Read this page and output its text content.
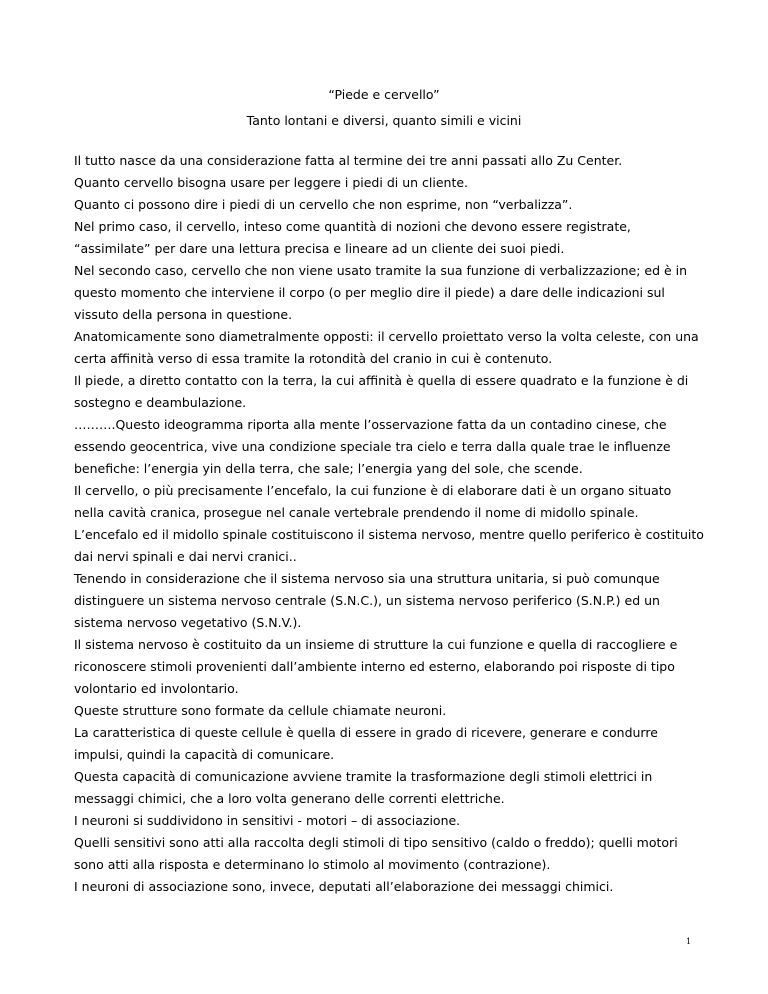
“Piede e cervello”
Tanto lontani e diversi, quanto simili e vicini

Il tutto nasce da una considerazione fatta al termine dei tre anni passati allo Zu Center.

Quanto cervello bisogna usare per leggere i piedi di un cliente.

Quanto ci possono dire i piedi di un cervello che non esprime, non “verbalizza”.

Nel primo caso, il cervello, inteso come quantità di nozioni che devono essere registrate, “assimilate” per dare una lettura precisa e lineare ad un cliente dei suoi piedi.

Nel secondo caso, cervello che non viene usato tramite la sua funzione di verbalizzazione; ed è in questo momento che interviene il corpo (o per meglio dire il piede) a dare delle indicazioni sul vissuto della persona in questione.

Anatomicamente sono diametralmente opposti: il cervello proiettato verso la volta celeste, con una certa affinità verso di essa tramite la rotondità del cranio in cui è contenuto.

Il piede, a diretto contatto con la terra, la cui affinità è quella di essere quadrato e la funzione è di sostegno e deambulazione.

……….Questo ideogramma riporta alla mente l’osservazione fatta da un contadino cinese, che essendo geocentrica, vive una condizione speciale tra cielo e terra dalla quale trae le influenze benefiche: l’energia yin della terra, che sale; l’energia yang del sole, che scende.

Il cervello, o più precisamente l’encefalo, la cui funzione è di elaborare dati è un organo situato nella cavità cranica, prosegue nel canale vertebrale prendendo il nome di midollo spinale.

L’encefalo ed il midollo spinale costituiscono il sistema nervoso, mentre quello periferico è costituito dai nervi spinali e dai nervi cranici..

Tenendo in considerazione che il sistema nervoso sia una struttura unitaria, si può comunque distinguere un sistema nervoso centrale (S.N.C.), un sistema nervoso periferico (S.N.P.) ed un sistema nervoso vegetativo (S.N.V.).

Il sistema nervoso è costituito da un insieme di strutture la cui funzione e quella di raccogliere e riconoscere stimoli provenienti dall’ambiente interno ed esterno, elaborando poi risposte di tipo volontario ed involontario.

Queste strutture sono formate da cellule chiamate neuroni.

La caratteristica di queste cellule è quella di essere in grado di ricevere, generare e condurre impulsi, quindi la capacità di comunicare.

Questa capacità di comunicazione avviene tramite la trasformazione degli stimoli elettrici in messaggi chimici, che a loro volta generano delle correnti elettriche.

I neuroni si suddividono in sensitivi - motori – di associazione.

Quelli sensitivi sono atti alla raccolta degli stimoli di tipo sensitivo (caldo o freddo); quelli motori sono atti alla risposta e determinano lo stimolo al movimento (contrazione).

I neuroni di associazione sono, invece, deputati all’elaborazione dei messaggi chimici.

1
